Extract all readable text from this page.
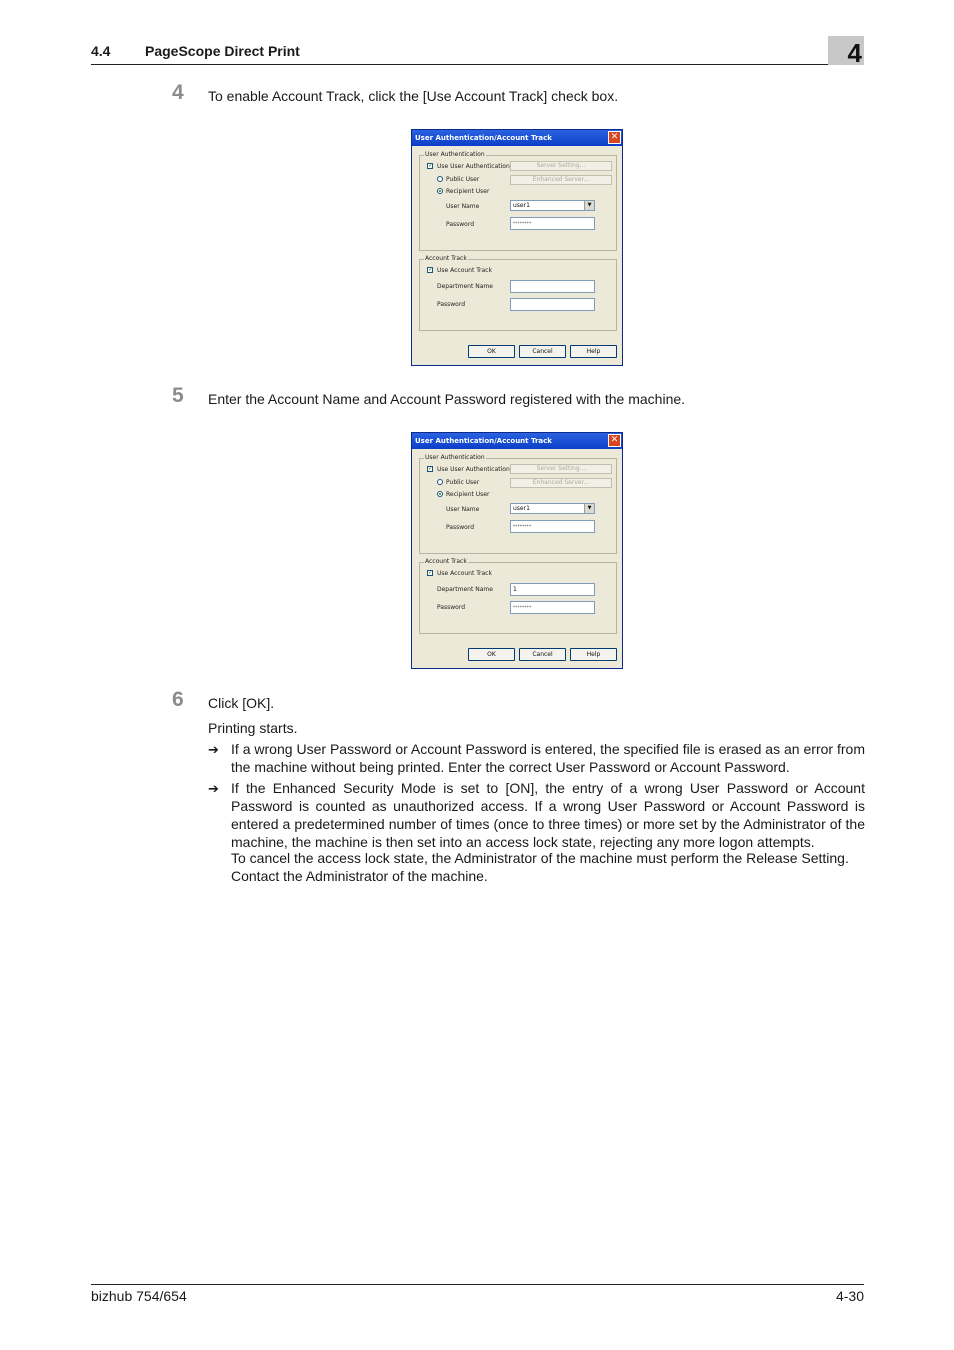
4.4 PageScope Direct Print	4
4 To enable Account Track, click the [Use Account Track] check box.
User Authentication/Account Track	✕
User Authentication
✓ Use User Authentication	Server Setting...
Public User	Enhanced Server...
Recipient User
User Name	user1	▼
Password	********
Account Track
✓ Use Account Track
Department Name
Password
OK	Cancel	Help
5 Enter the Account Name and Account Password registered with the machine.
User Authentication/Account Track	✕
User Authentication
✓ Use User Authentication	Server Setting...
Public User	Enhanced Server...
Recipient User
User Name	user1	▼
Password	********
Account Track
✓ Use Account Track
Department Name	1
Password	********
OK	Cancel	Help
6 Click [OK].
Printing starts.
➔ If a wrong User Password or Account Password is entered, the specified file is erased as an error from the machine without being printed. Enter the correct User Password or Account Password.
➔ If the Enhanced Security Mode is set to [ON], the entry of a wrong User Password or Account Password is counted as unauthorized access. If a wrong User Password or Account Password is entered a predetermined number of times (once to three times) or more set by the Administrator of the machine, the machine is then set into an access lock state, rejecting any more logon attempts.
To cancel the access lock state, the Administrator of the machine must perform the Release Setting. Contact the Administrator of the machine.
bizhub 754/654	4-30
